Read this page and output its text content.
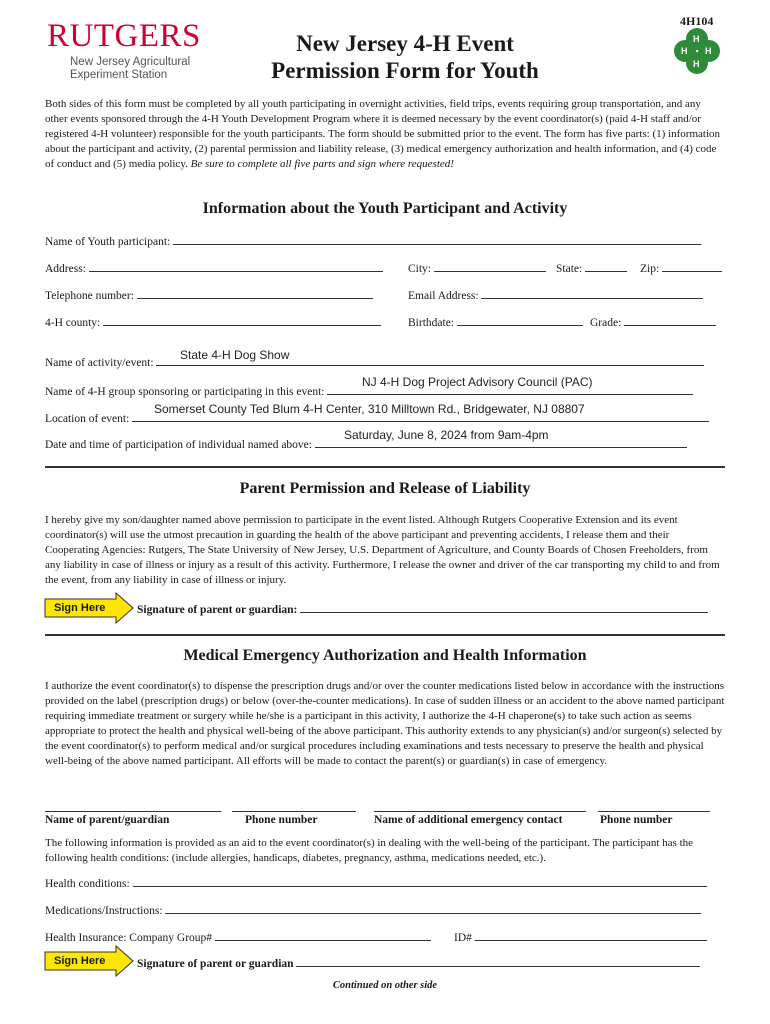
RUTGERS
New Jersey Agricultural
Experiment Station
4H104
H
H
H
H
New Jersey 4-H Event
Permission Form for Youth
Both sides of this form must be completed by all youth participating in overnight activities, field trips, events requiring group transportation, and any other events sponsored through the 4-H Youth Development Program where it is deemed necessary by the event coordinator(s) (paid 4-H staff and/or registered 4-H volunteer) responsible for the youth participants. The form should be submitted prior to the event. The form has five parts: (1) information about the participant and activity, (2) parental permission and liability release, (3) medical emergency authorization and health information, and (4) code of conduct and (5) media policy. Be sure to complete all five parts and sign where requested!
Information about the Youth Participant and Activity
Name of Youth participant:
Address:	City:	State:	Zip:
Telephone number:	Email Address:
4-H county:	Birthdate:	Grade:
Name of activity/event:
State 4-H Dog Show
Name of 4-H group sponsoring or participating in this event:
NJ 4-H Dog Project Advisory Council (PAC)
Location of event:
Somerset County Ted Blum 4-H Center, 310 Milltown Rd., Bridgewater, NJ 08807
Date and time of participation of individual named above:
Saturday, June 8, 2024 from 9am-4pm
Parent Permission and Release of Liability
I hereby give my son/daughter named above permission to participate in the event listed. Although Rutgers Cooperative Extension and its event coordinator(s) will use the utmost precaution in guarding the health of the above participant and preventing accidents, I release them and their Cooperating Agencies: Rutgers, The State University of New Jersey, U.S. Department of Agriculture, and County Boards of Chosen Freeholders, from any liability in case of illness or injury as a result of this activity. Furthermore, I release the owner and driver of the car transporting my child to and from the event, from any liability in case of illness or injury.
Sign Here	Signature of parent or guardian:
Medical Emergency Authorization and Health Information
I authorize the event coordinator(s) to dispense the prescription drugs and/or over the counter medications listed below in accordance with the instructions provided on the label (prescription drugs) or below (over-the-counter medications). In case of sudden illness or an accident to the above named participant requiring immediate treatment or surgery while he/she is a participant in this activity, I authorize the 4-H chaperone(s) to take such action as seems appropriate to protect the health and physical well-being of the above participant. This authority extends to any physician(s) and/or surgeon(s) selected by the event coordinator(s) to perform medical and/or surgical procedures including examinations and tests necessary to preserve the health and physical well-being of the above named participant. All efforts will be made to contact the parent(s) or guardian(s) in case of emergency.
Name of parent/guardian	Phone number	Name of additional emergency contact	Phone number
The following information is provided as an aid to the event coordinator(s) in dealing with the well-being of the participant. The participant has the following health conditions: (include allergies, handicaps, diabetes, pregnancy, asthma, medications needed, etc.).
Health conditions:
Medications/Instructions:
Health Insurance: Company Group#	ID#
Sign Here	Signature of parent or guardian
Continued on other side
